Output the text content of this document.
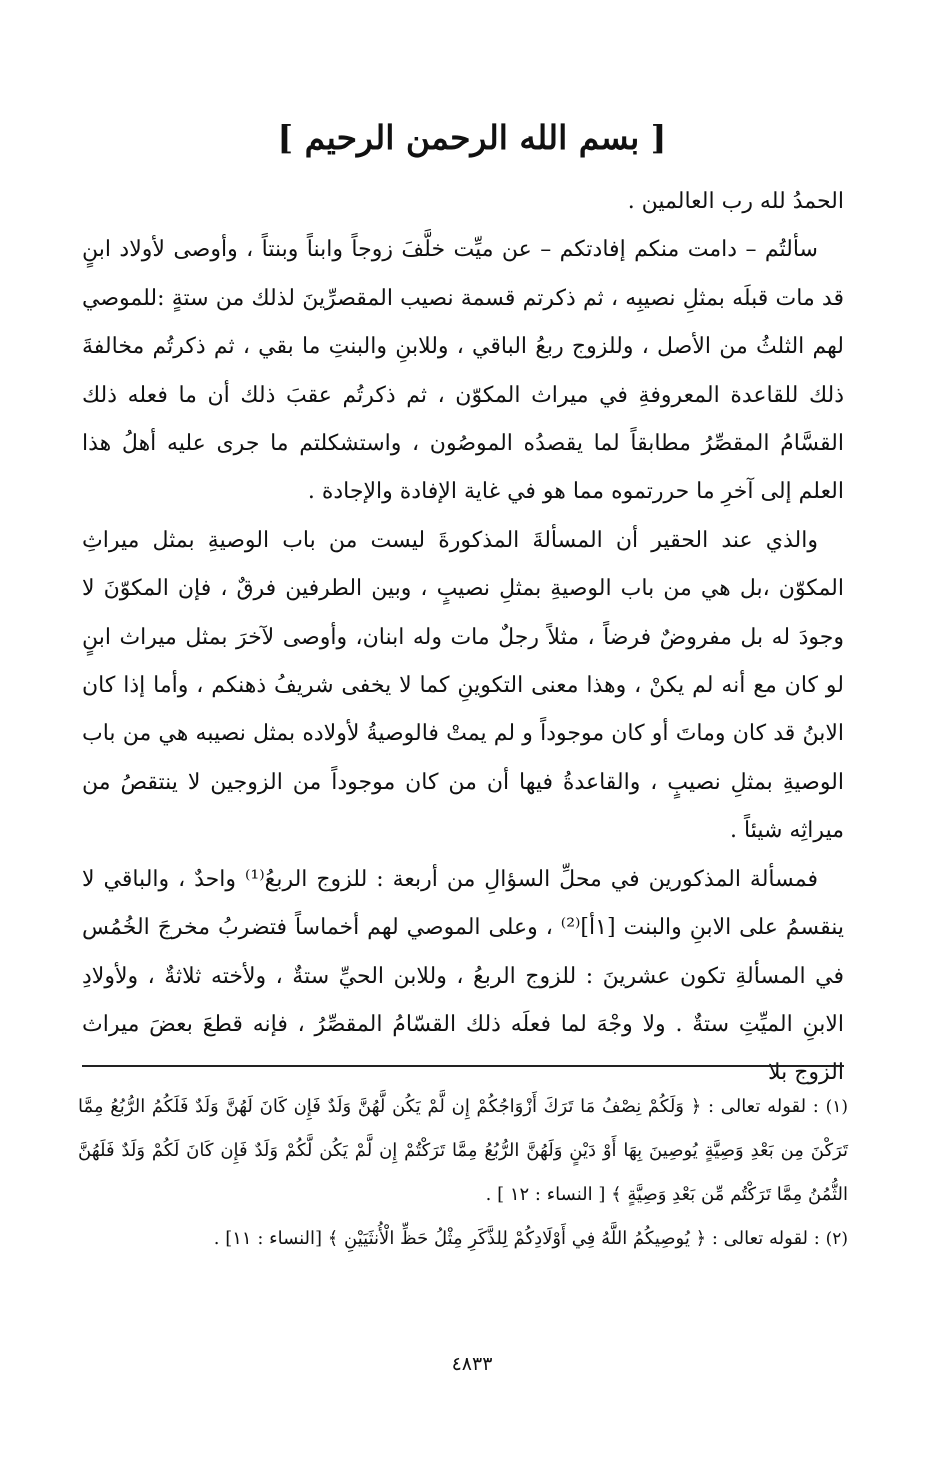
[ بسم الله الرحمن الرحيم ]

الحمدُ لله رب العالمين .

سألتُم – دامت منكم إفادتكم – عن ميِّت خلَّفَ زوجاً وابناً وبنتاً ، وأوصى لأولاد ابنٍ قد مات قبلَه بمثلِ نصيبِه ، ثم ذكرتم قسمة نصيب المقصرِّينَ لذلك من ستةٍ :للموصي لهم الثلثُ من الأصل ، وللزوج ربعُ الباقي ، وللابنِ والبنتِ ما بقي ، ثم ذكرتُم مخالفةَ ذلك للقاعدة المعروفةِ في ميراث المكوّن ، ثم ذكرتُم عقبَ ذلك أن ما فعله ذلك القسَّامُ المقصِّرُ مطابقاً لما يقصدُه الموصُون ، واستشكلتم ما جرى عليه أهلُ هذا العلم إلى آخرِ ما حررتموه مما هو في غاية الإفادة والإجادة .

والذي عند الحقير أن المسألةَ المذكورةَ ليست من باب الوصيةِ بمثل ميراثِ المكوّن ،بل هي من باب الوصيةِ بمثلِ نصيبٍ ، وبين الطرفين فرقٌ ، فإن المكوّنَ لا وجودَ له بل مفروضٌ فرضاً ، مثلاً رجلٌ مات وله ابنان، وأوصى لآخرَ بمثل ميراث ابنٍ لو كان مع أنه لم يكنْ ، وهذا معنى التكوينِ كما لا يخفى شريفُ ذهنكم ، وأما إذا كان الابنُ قد كان وماتَ أو كان موجوداً و لم يمتْ فالوصيةُ لأولاده بمثل نصيبه هي من باب الوصيةِ بمثلِ نصيبٍ ، والقاعدةُ فيها أن من كان موجوداً من الزوجين لا ينتقصُ من ميراثِه شيئاً .

فمسألة المذكورين في محلِّ السؤالِ من أربعة : للزوج الربعُ⁽¹⁾ واحدٌ ، والباقي لا ينقسمُ على الابنِ والبنت [١أ]⁽²⁾ ، وعلى الموصي لهم أخماساً فتضربُ مخرجَ الخُمُس في المسألةِ تكون عشرينَ : للزوج الربعُ ، وللابن الحيِّ ستةٌ ، ولأخته ثلاثةٌ ، ولأولادِ الابنِ الميِّتِ ستةٌ . ولا وجْهَ لما فعلَه ذلك القسّامُ المقصِّرُ ، فإنه قطعَ بعضَ ميراث الزوج بلا

(١) : لقوله تعالى : ﴿ وَلَكُمْ نِصْفُ مَا تَرَكَ أَزْوَاجُكُمْ إِن لَّمْ يَكُن لَّهُنَّ وَلَدٌ فَإِن كَانَ لَهُنَّ وَلَدٌ فَلَكُمُ الرُّبُعُ مِمَّا تَرَكْنَ مِن بَعْدِ وَصِيَّةٍ يُوصِينَ بِهَا أَوْ دَيْنٍ وَلَهُنَّ الرُّبُعُ مِمَّا تَرَكْتُمْ إِن لَّمْ يَكُن لَّكُمْ وَلَدٌ فَإِن كَانَ لَكُمْ وَلَدٌ فَلَهُنَّ الثُّمُنُ مِمَّا تَرَكْتُم مِّن بَعْدِ وَصِيَّةٍ ﴾ [ النساء : ١٢ ] .

(٢) : لقوله تعالى : ﴿ يُوصِيكُمُ اللَّهُ فِي أَوْلَادِكُمْ لِلذَّكَرِ مِثْلُ حَظِّ الْأُنثَيَيْنِ ﴾ [النساء : ١١] .

٤٨٣٣
